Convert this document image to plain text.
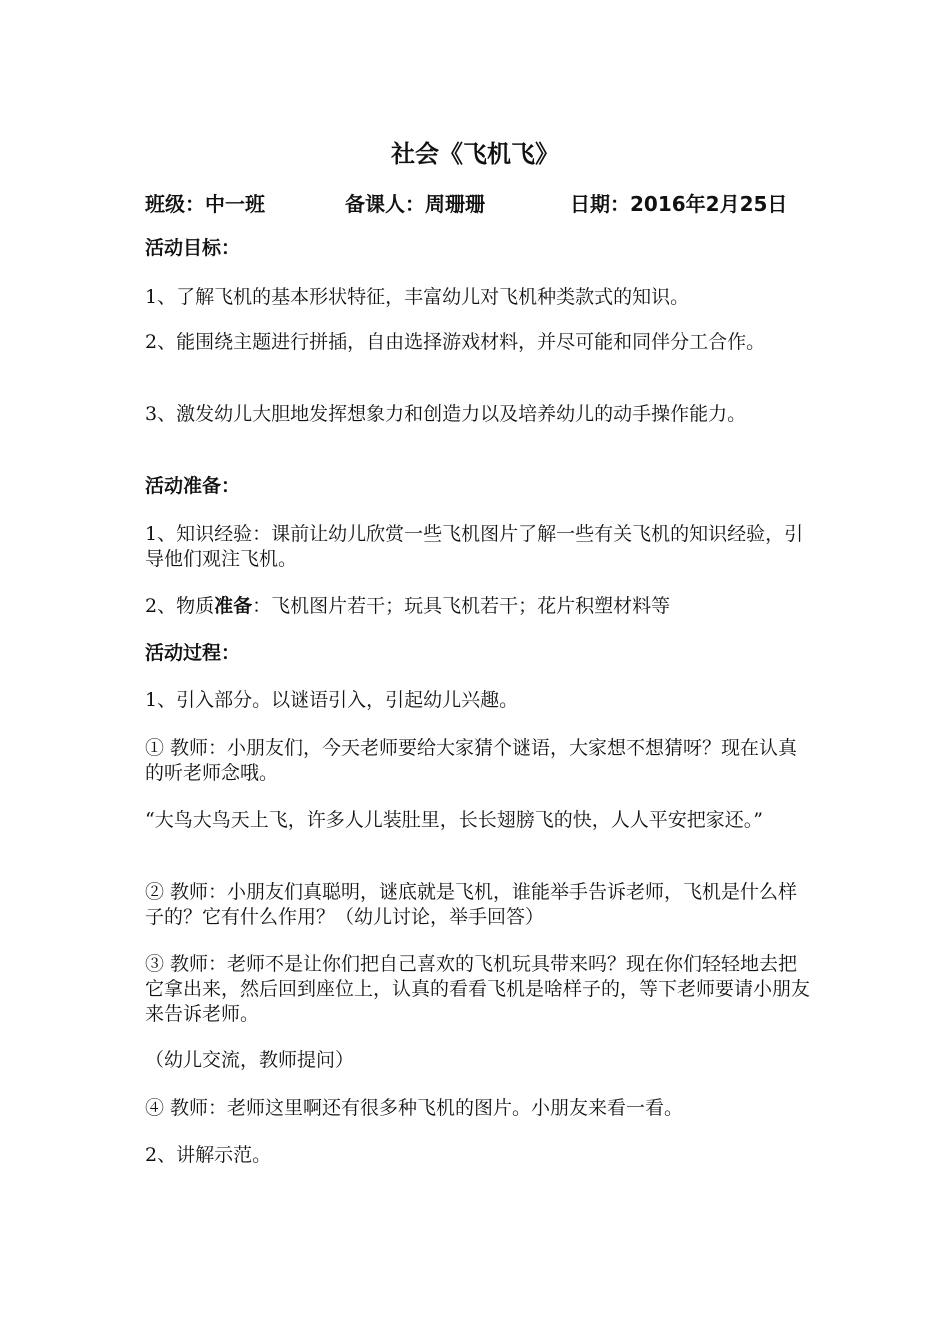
社会《飞机飞》
班级：中一班	备课人：周珊珊	日期：2016年2月25日

活动目标：

1、了解飞机的基本形状特征，丰富幼儿对飞机种类款式的知识。

2、能围绕主题进行拼插，自由选择游戏材料，并尽可能和同伴分工合作。

3、激发幼儿大胆地发挥想象力和创造力以及培养幼儿的动手操作能力。

活动准备：

1、知识经验：课前让幼儿欣赏一些飞机图片了解一些有关飞机的知识经验，引导他们观注飞机。

2、物质准备：飞机图片若干；玩具飞机若干；花片积塑材料等

活动过程：

1、引入部分。以谜语引入，引起幼儿兴趣。

① 教师：小朋友们，今天老师要给大家猜个谜语，大家想不想猜呀？现在认真的听老师念哦。

“大鸟大鸟天上飞，许多人儿装肚里，长长翅膀飞的快，人人平安把家还。”

② 教师：小朋友们真聪明，谜底就是飞机，谁能举手告诉老师，飞机是什么样子的？它有什么作用？（幼儿讨论，举手回答）

③ 教师：老师不是让你们把自己喜欢的飞机玩具带来吗？现在你们轻轻地去把它拿出来，然后回到座位上，认真的看看飞机是啥样子的，等下老师要请小朋友来告诉老师。

（幼儿交流，教师提问）

④ 教师：老师这里啊还有很多种飞机的图片。小朋友来看一看。

2、讲解示范。
